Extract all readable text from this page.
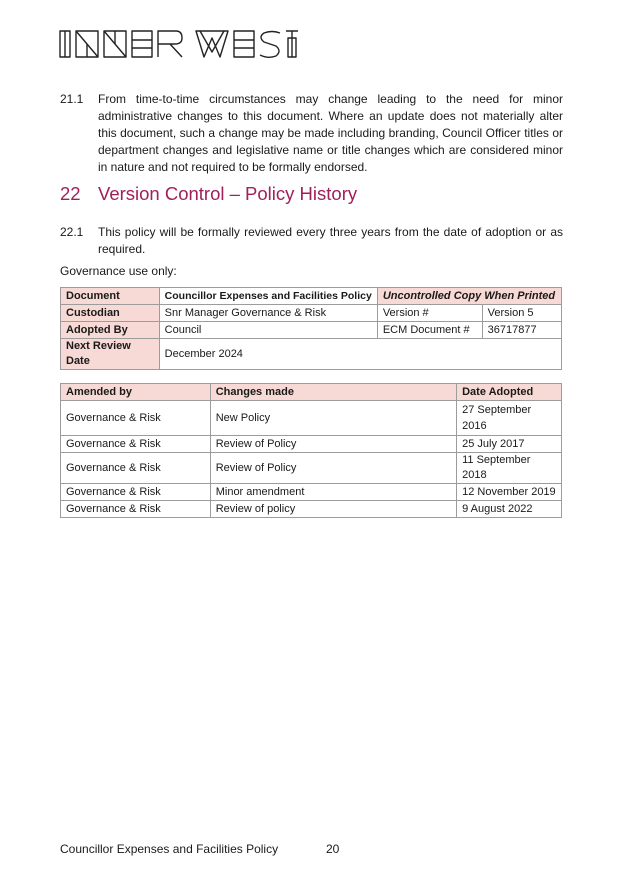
21.1 From time-to-time circumstances may change leading to the need for minor administrative changes to this document. Where an update does not materially alter this document, such a change may be made including branding, Council Officer titles or department changes and legislative name or title changes which are considered minor in nature and not required to be formally endorsed.
22 Version Control – Policy History
22.1 This policy will be formally reviewed every three years from the date of adoption or as required.
Governance use only:
Document	Councillor Expenses and Facilities Policy	Uncontrolled Copy When Printed	
Custodian	Snr Manager Governance & Risk	Version #	Version 5
Adopted By	Council	ECM Document #	36717877
Next Review Date	December 2024		
Amended by	Changes made	Date Adopted
Governance & Risk	New Policy	27 September 2016
Governance & Risk	Review of Policy	25 July 2017
Governance & Risk	Review of Policy	11 September 2018
Governance & Risk	Minor amendment	12 November 2019
Governance & Risk	Review of policy	9 August 2022
Councillor Expenses and Facilities Policy	20
